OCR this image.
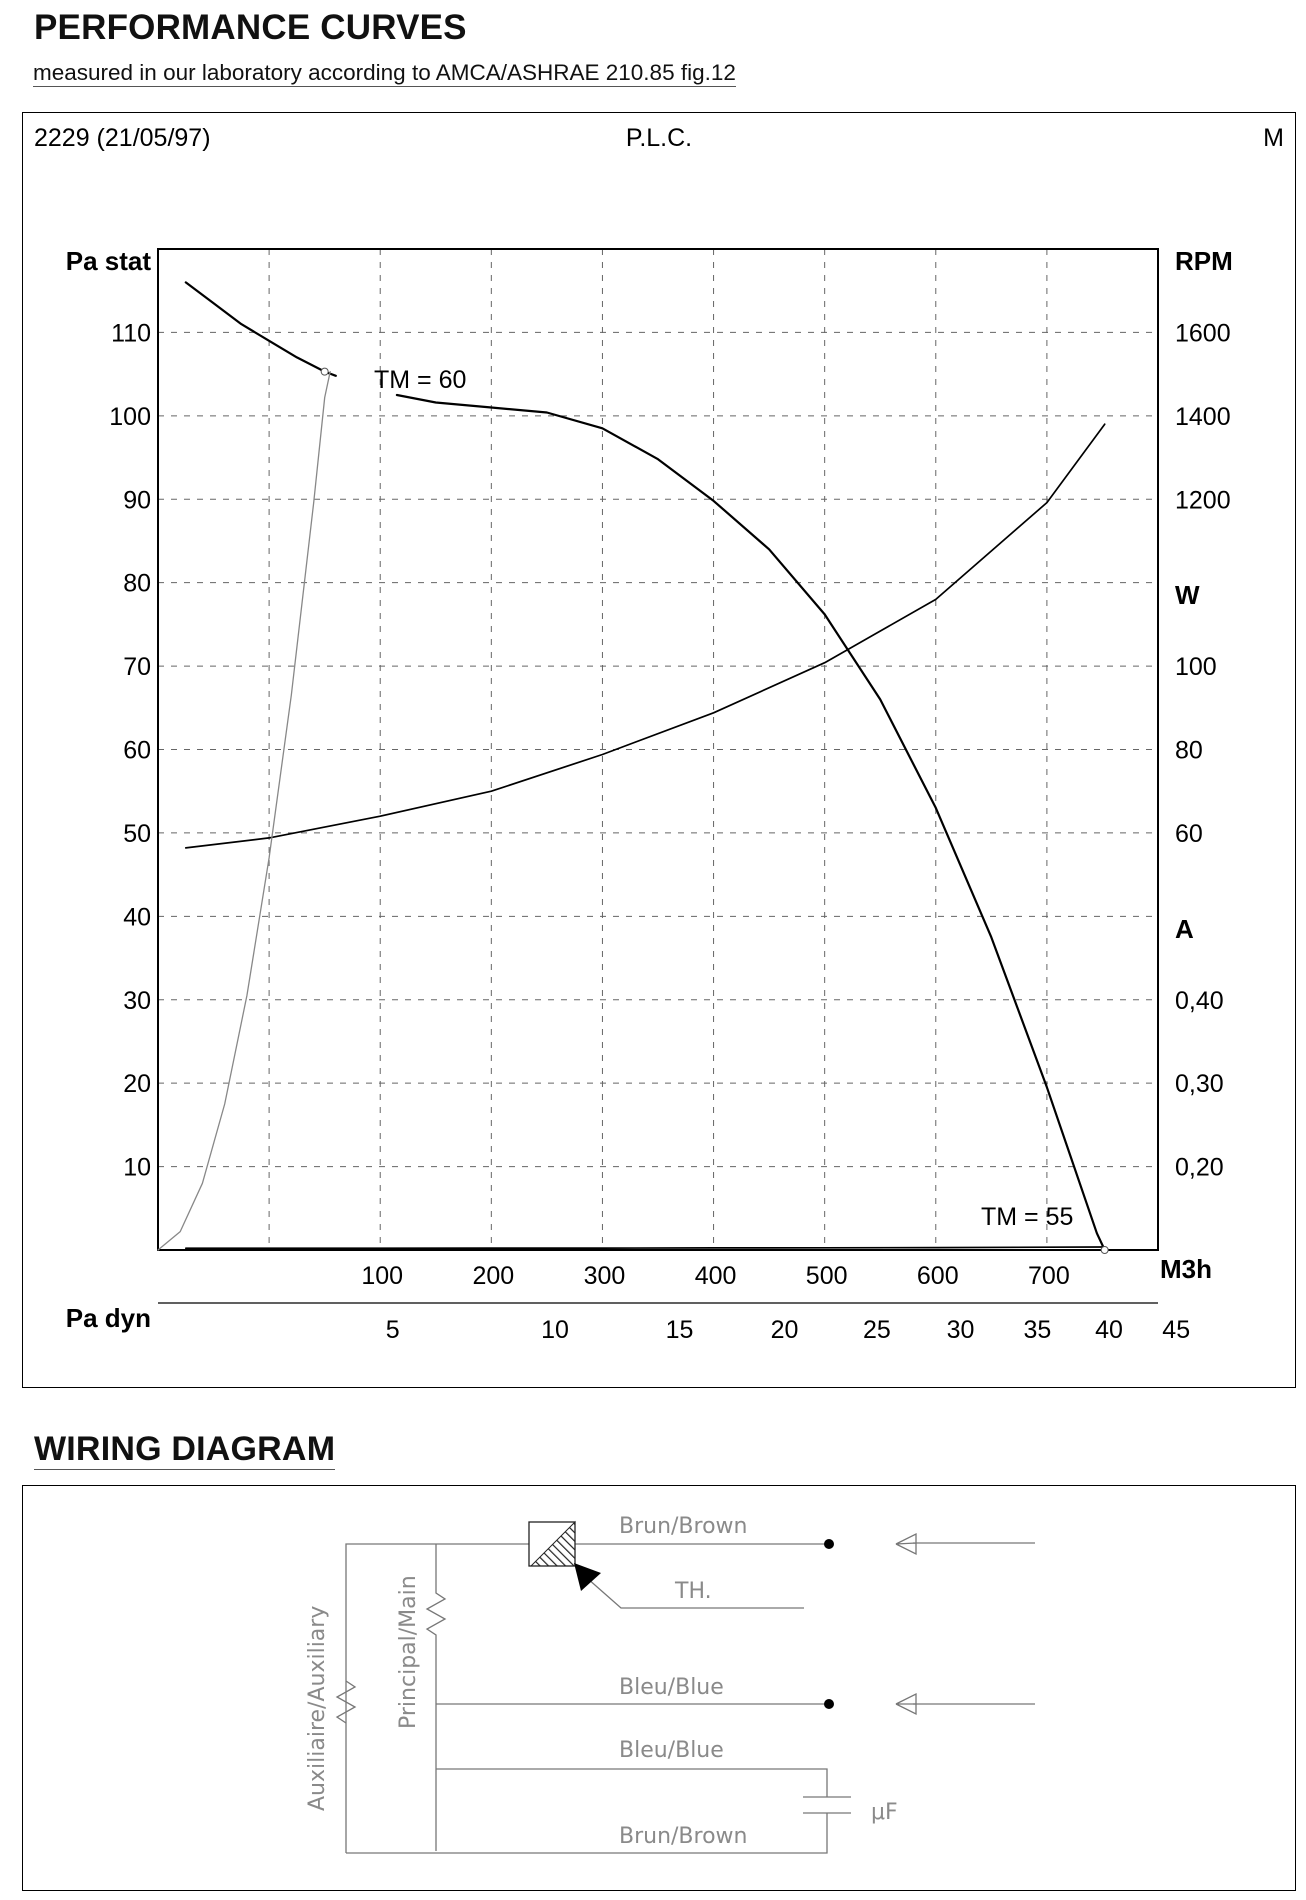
PERFORMANCE CURVES
measured in our laboratory according to AMCA/ASHRAE 210.85 fig.12
2229 (21/05/97)	P.L.C.	M
10
20
30
40
50
60
70
80
90
100
110
100	200	300	400	500	600	700
1600
1400
1200
100
80
60
0,40
0,30
0,20
5	10	15	20	25 30 35 40 45
Pa stat	RPM
W
A
M3h
Pa dyn
TM = 60
TM = 55
WIRING DIAGRAM
Brun/Brown
TH.
Bleu/Blue
Bleu/Blue
Brun/Brown
μF
Principal/Main
Auxiliaire/Auxiliary
